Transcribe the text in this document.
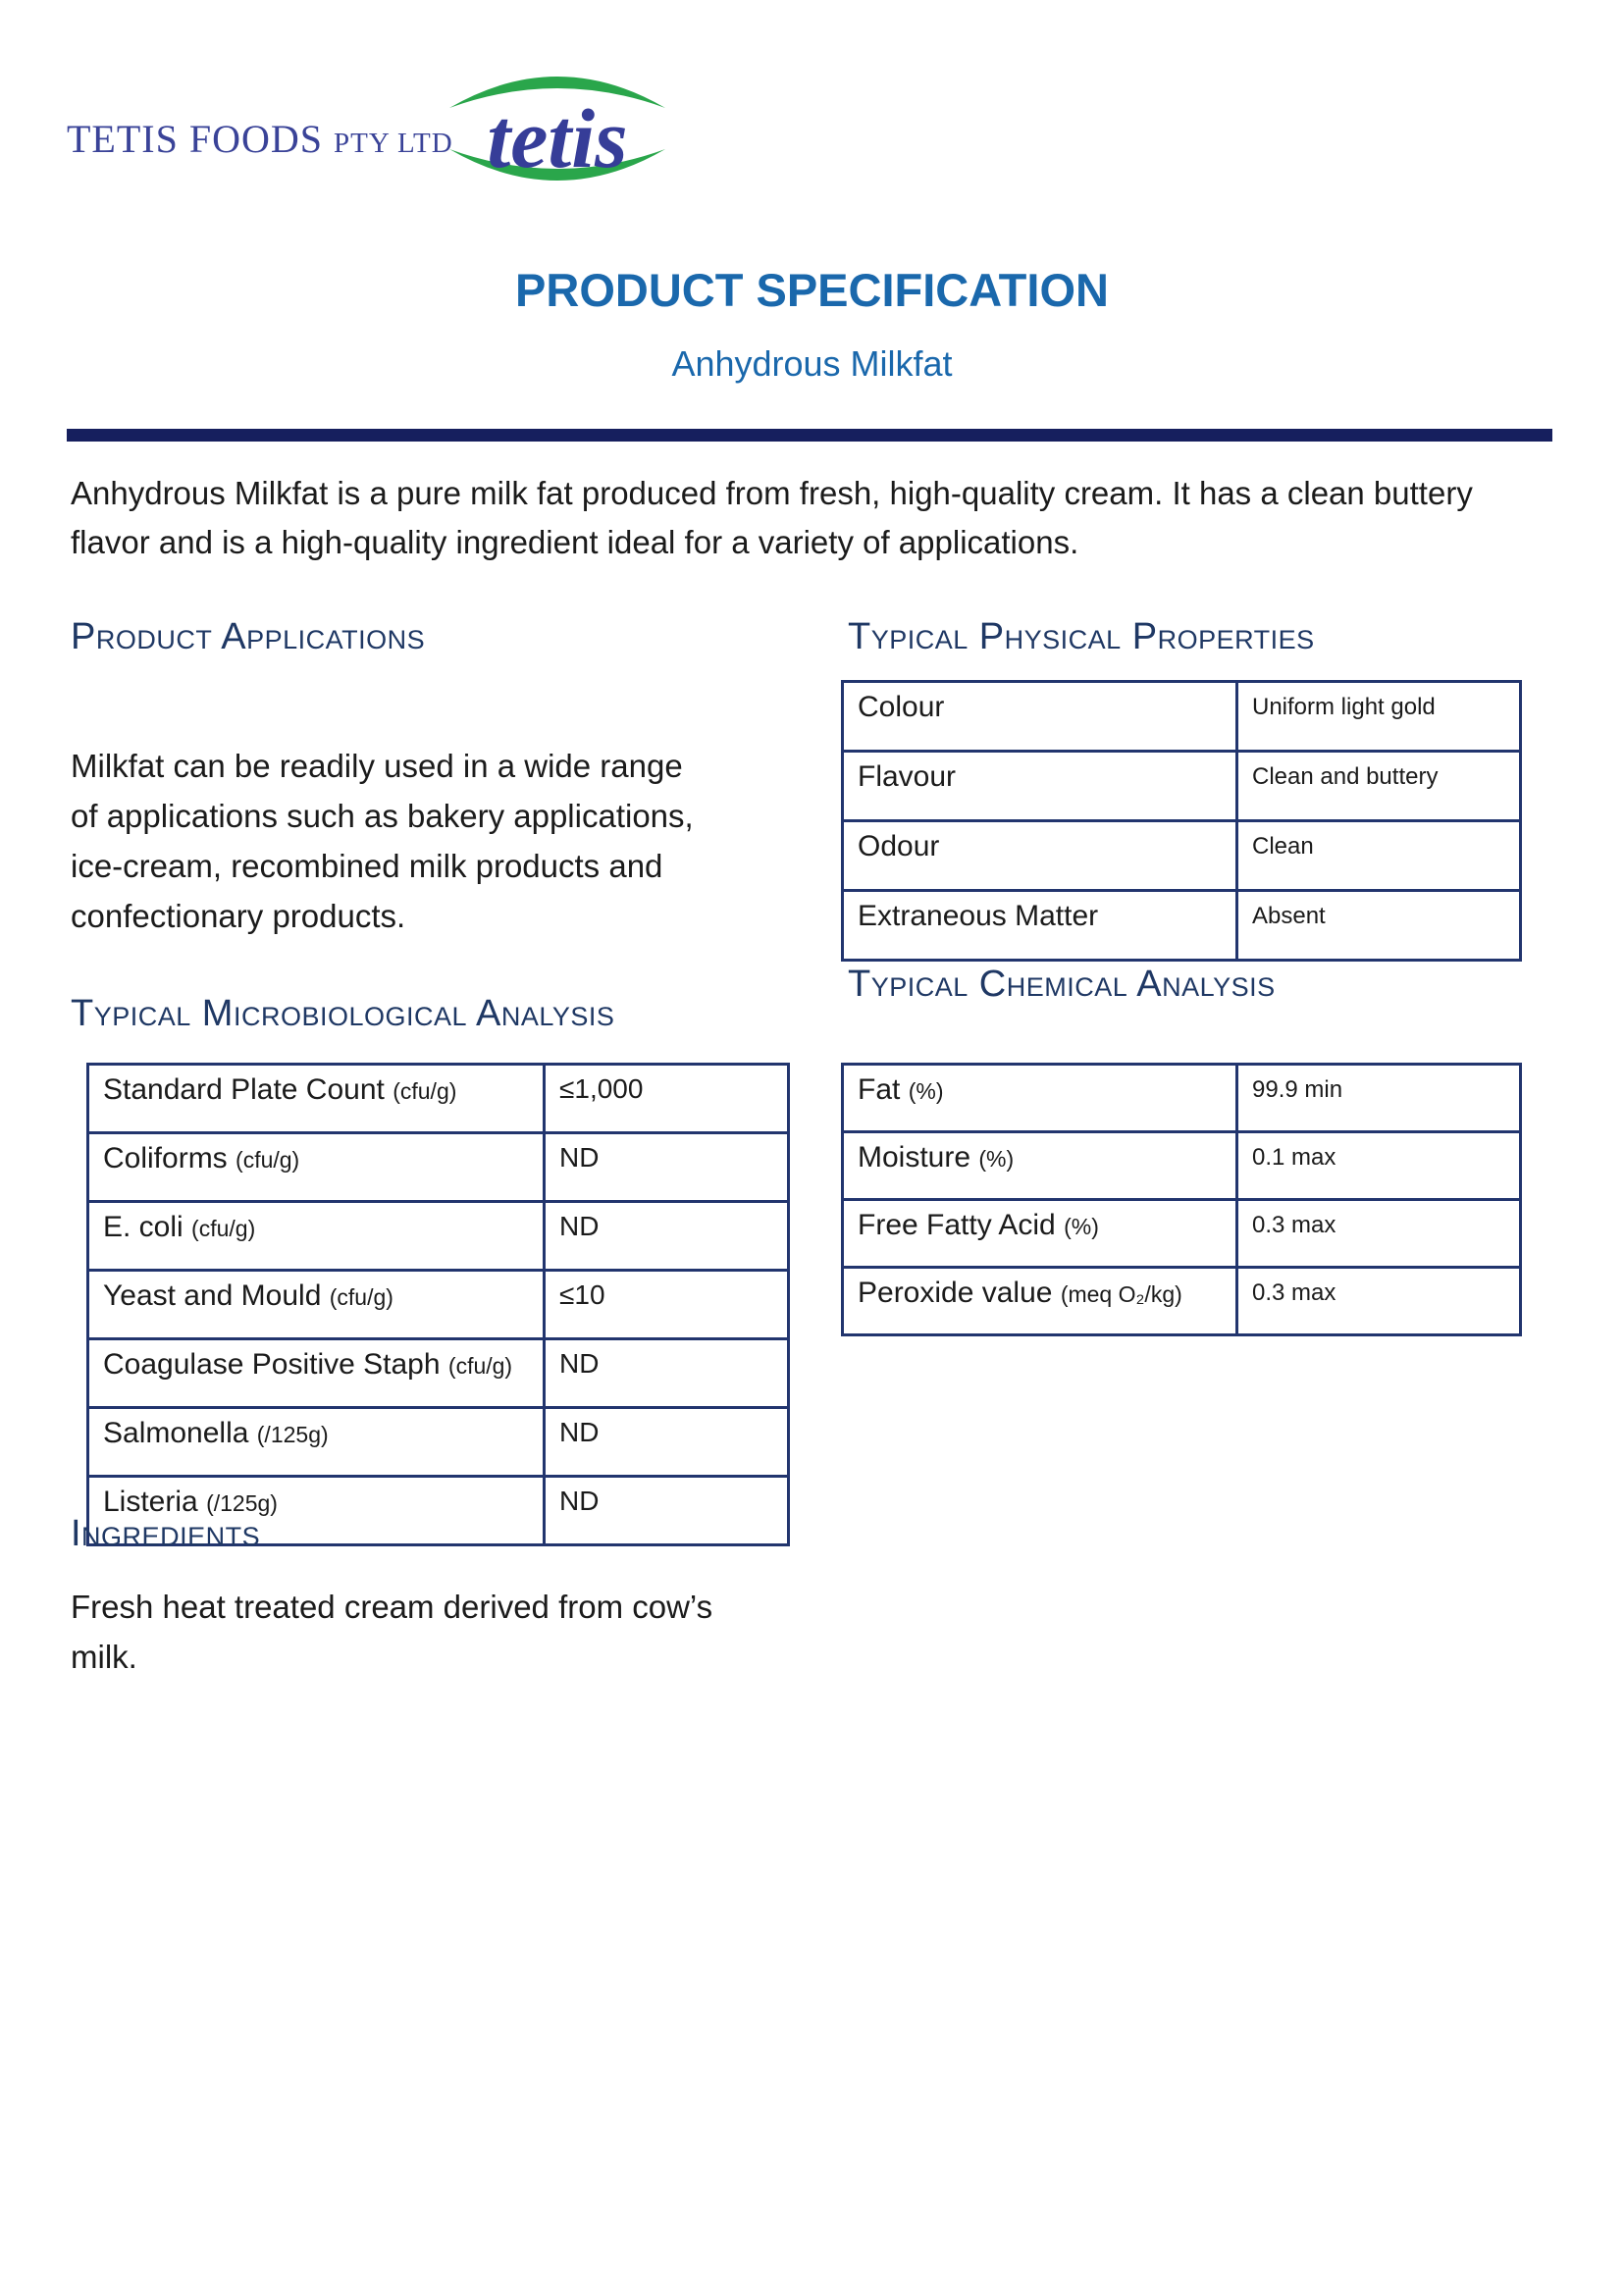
TETIS FOODS PTY LTD tetis
PRODUCT SPECIFICATION
Anhydrous Milkfat
Anhydrous Milkfat is a pure milk fat produced from fresh, high-quality cream. It has a clean buttery flavor and is a high-quality ingredient ideal for a variety of applications.
Product Applications
Milkfat can be readily used in a wide range of applications such as bakery applications, ice-cream, recombined milk products and confectionary products.
Typical Microbiological Analysis
Standard Plate Count (cfu/g)	≤1,000
Coliforms (cfu/g)	ND
E. coli (cfu/g)	ND
Yeast and Mould (cfu/g)	≤10
Coagulase Positive Staph (cfu/g)	ND
Salmonella (/125g)	ND
Listeria (/125g)	ND
Ingredients
Fresh heat treated cream derived from cow’s milk.
Typical Physical Properties
Colour	Uniform light gold
Flavour	Clean and buttery
Odour	Clean
Extraneous Matter	Absent
Typical Chemical Analysis
Fat (%)	99.9 min
Moisture (%)	0.1 max
Free Fatty Acid (%)	0.3 max
Peroxide value (meq O₂/kg)	0.3 max
